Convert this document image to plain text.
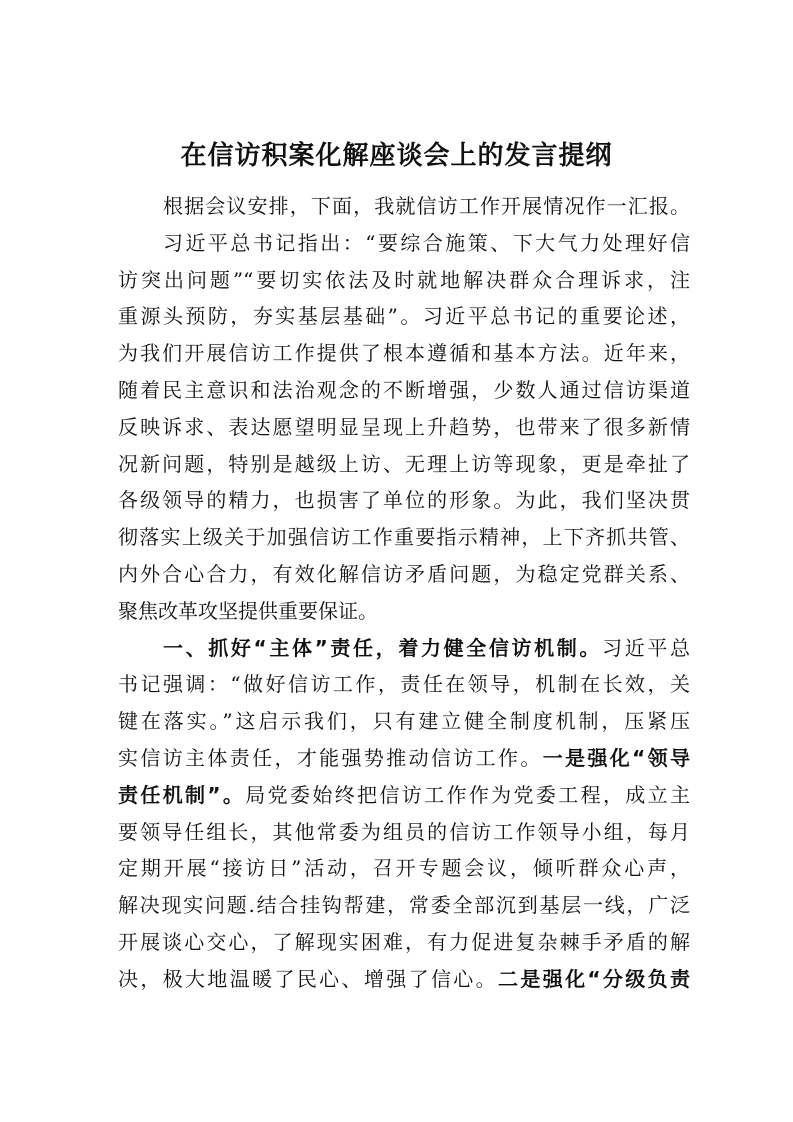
在信访积案化解座谈会上的发言提纲
根据会议安排，下面，我就信访工作开展情况作一汇报。
习近平总书记指出：“要综合施策、下大气力处理好信
访突出问题”“要切实依法及时就地解决群众合理诉求，注
重源头预防，夯实基层基础”。习近平总书记的重要论述，
为我们开展信访工作提供了根本遵循和基本方法。近年来，
随着民主意识和法治观念的不断增强，少数人通过信访渠道
反映诉求、表达愿望明显呈现上升趋势，也带来了很多新情
况新问题，特别是越级上访、无理上访等现象，更是牵扯了
各级领导的精力，也损害了单位的形象。为此，我们坚决贯
彻落实上级关于加强信访工作重要指示精神，上下齐抓共管、
内外合心合力，有效化解信访矛盾问题，为稳定党群关系、
聚焦改革攻坚提供重要保证。
一、抓好“主体”责任，着力健全信访机制。习近平总
书记强调：“做好信访工作，责任在领导，机制在长效，关
键在落实。”这启示我们，只有建立健全制度机制，压紧压
实信访主体责任，才能强势推动信访工作。一是强化“领导
责任机制”。局党委始终把信访工作作为党委工程，成立主
要领导任组长，其他常委为组员的信访工作领导小组，每月
定期开展“接访日”活动，召开专题会议，倾听群众心声，
解决现实问题.结合挂钩帮建，常委全部沉到基层一线，广泛
开展谈心交心，了解现实困难，有力促进复杂棘手矛盾的解
决，极大地温暖了民心、增强了信心。二是强化“分级负责
